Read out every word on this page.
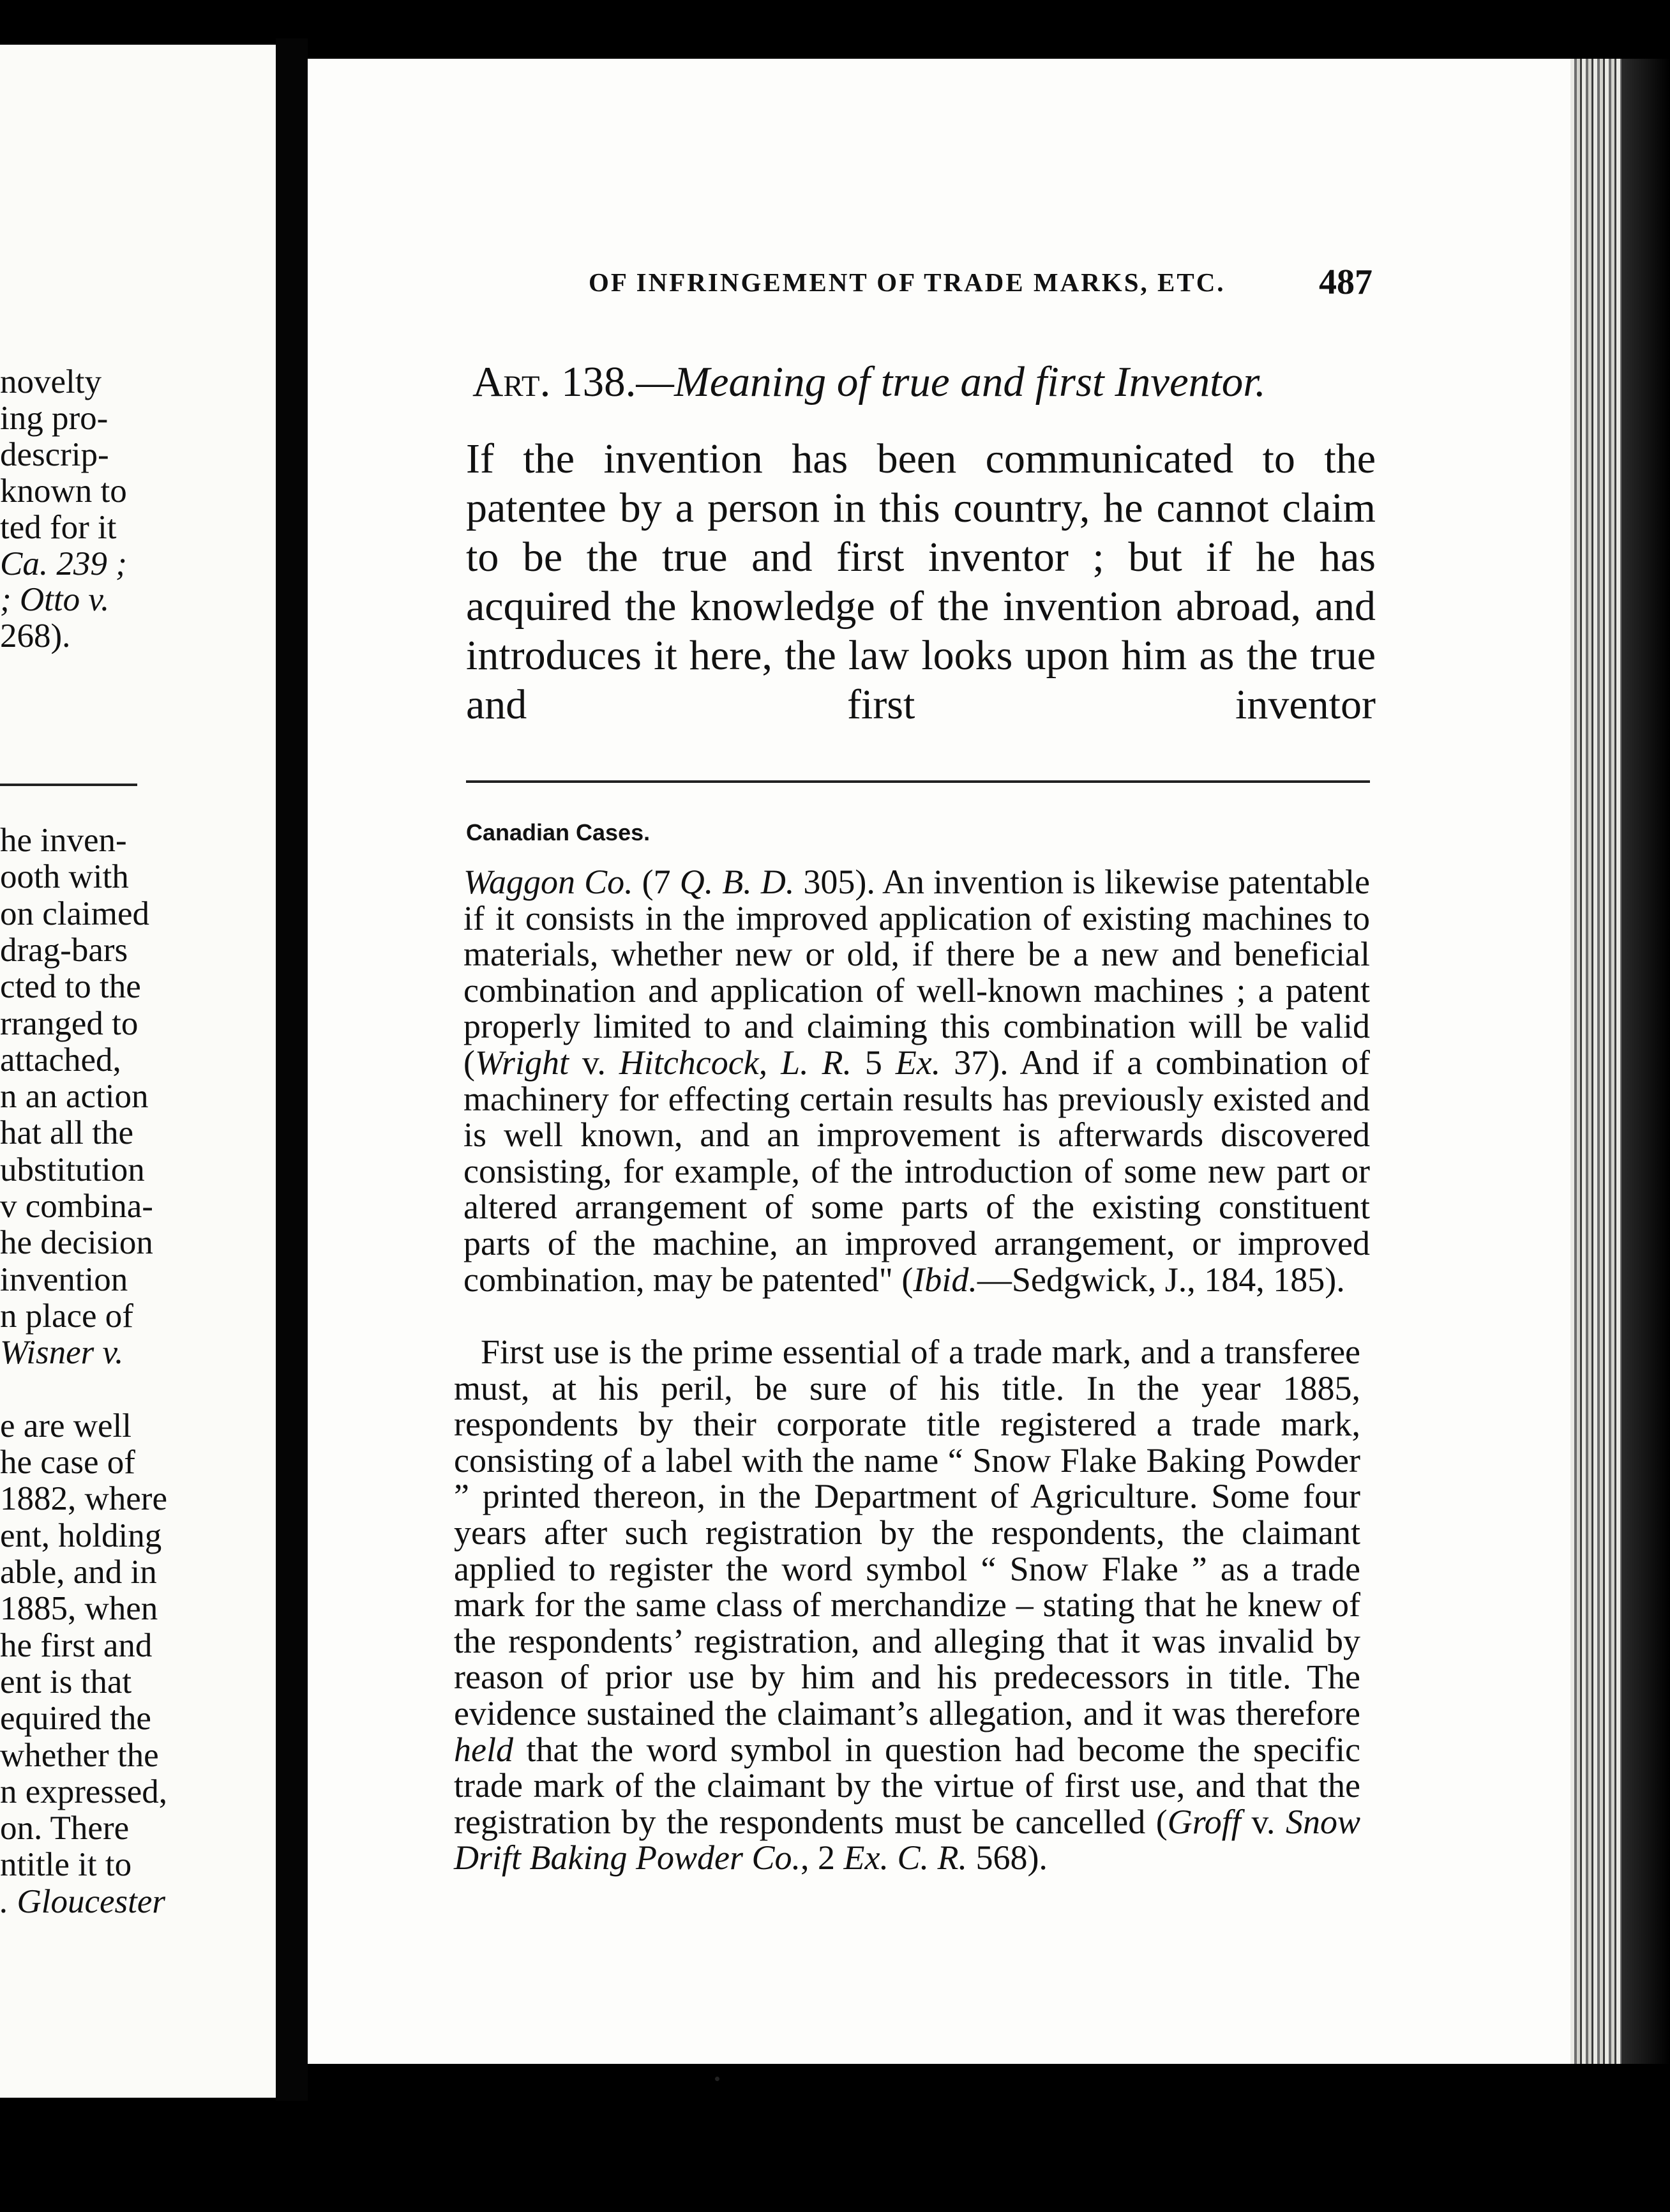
novelty
ing pro-
descrip-
known to
ted for it
Ca. 239 ;
; Otto v.
268).
he inven-
ooth with
on claimed
drag-bars
cted to the
rranged to
attached,
n an action
hat all the
ubstitution
v combina-
he decision
invention
n place of
Wisner v.
e are well
he case of
1882, where
ent, holding
able, and in
1885, when
he first and
ent is that
equired the
whether the
n expressed,
on. There
ntitle it to
. Gloucester
OF INFRINGEMENT OF TRADE MARKS, ETC.	487
Art. 138.—Meaning of true and first Inventor.

If the invention has been communicated to the patentee by a person in this country, he cannot claim to be the true and first inventor ; but if he has acquired the knowledge of the invention abroad, and introduces it here, the law looks upon him as the true and first inventor

Canadian Cases.

Waggon Co. (7 Q. B. D. 305). An invention is likewise patentable if it consists in the improved application of existing machines to materials, whether new or old, if there be a new and beneficial combination and application of well-known machines ; a patent properly limited to and claiming this combination will be valid (Wright v. Hitchcock, L. R. 5 Ex. 37). And if a combination of machinery for effecting certain results has previously existed and is well known, and an improvement is afterwards discovered consisting, for example, of the introduction of some new part or altered arrangement of some parts of the existing constituent parts of the machine, an improved arrangement, or improved combination, may be patented" (Ibid.—Sedgwick, J., 184, 185).

First use is the prime essential of a trade mark, and a transferee must, at his peril, be sure of his title. In the year 1885, respondents by their corporate title registered a trade mark, consisting of a label with the name “ Snow Flake Baking Powder ” printed thereon, in the Department of Agriculture. Some four years after such registration by the respondents, the claimant applied to register the word symbol “ Snow Flake ” as a trade mark for the same class of merchandize – stating that he knew of the respondents’ registration, and alleging that it was invalid by reason of prior use by him and his predecessors in title. The evidence sustained the claimant’s allegation, and it was therefore held that the word symbol in question had become the specific trade mark of the claimant by the virtue of first use, and that the registration by the respondents must be cancelled (Groff v. Snow Drift Baking Powder Co., 2 Ex. C. R. 568).
